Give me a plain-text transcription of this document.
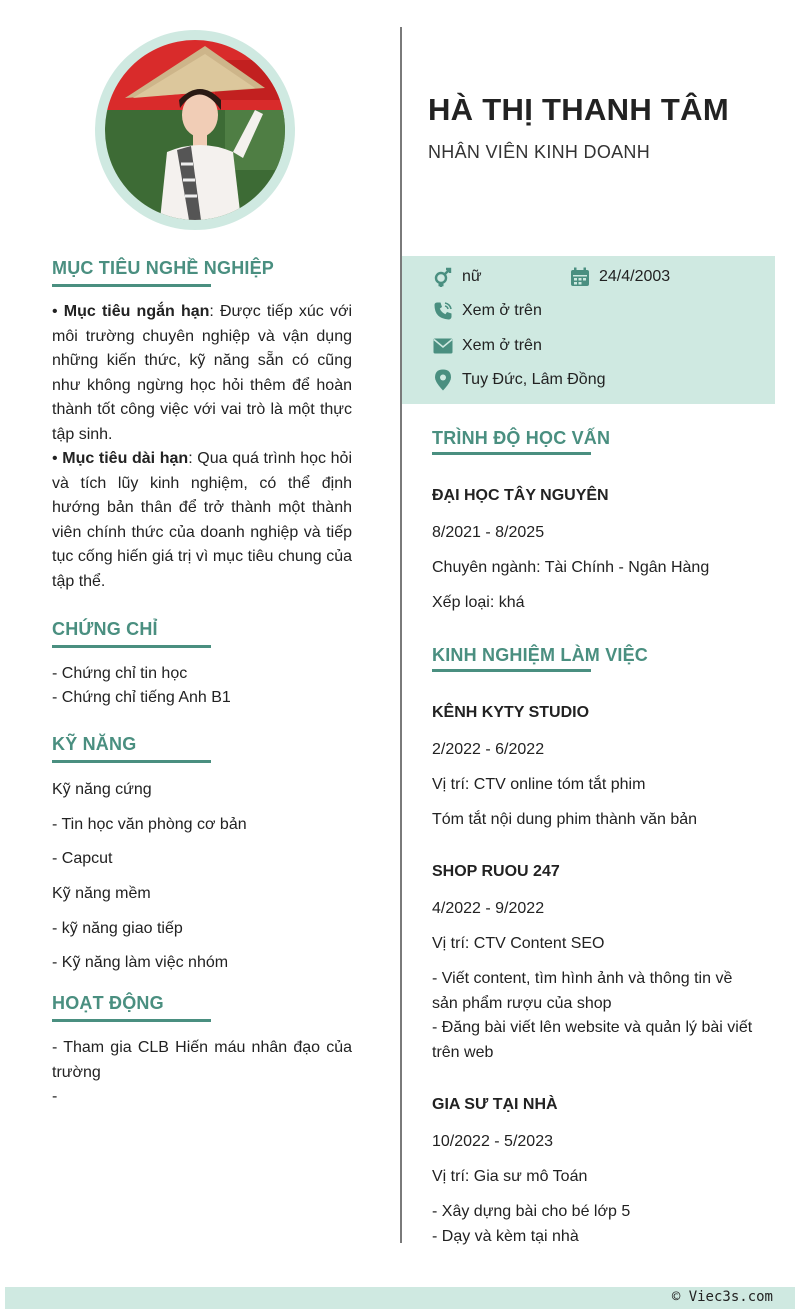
MỤC TIÊU NGHỀ NGHIỆP
• Mục tiêu ngắn hạn: Được tiếp xúc với môi trường chuyên nghiệp và vận dụng những kiến thức, kỹ năng sẵn có cũng như không ngừng học hỏi thêm để hoàn thành tốt công việc với vai trò là một thực tập sinh.
• Mục tiêu dài hạn: Qua quá trình học hỏi và tích lũy kinh nghiệm, có thể định hướng bản thân để trở thành một thành viên chính thức của doanh nghiệp và tiếp tục cống hiến giá trị vì mục tiêu chung của tập thể.
CHỨNG CHỈ
- Chứng chỉ tin học
- Chứng chỉ tiếng Anh B1
KỸ NĂNG
Kỹ năng cứng
- Tin học văn phòng cơ bản
- Capcut
Kỹ năng mềm
- kỹ năng giao tiếp
- Kỹ năng làm việc nhóm
HOẠT ĐỘNG
- Tham gia CLB Hiến máu nhân đạo của trường
-
HÀ THỊ THANH TÂM
NHÂN VIÊN KINH DOANH
nữ	24/4/2003
Xem ở trên
Xem ở trên
Tuy Đức, Lâm Đồng
TRÌNH ĐỘ HỌC VẤN
ĐẠI HỌC TÂY NGUYÊN
8/2021 - 8/2025
Chuyên ngành: Tài Chính - Ngân Hàng
Xếp loại: khá
KINH NGHIỆM LÀM VIỆC
KÊNH KYTY STUDIO
2/2022 - 6/2022
Vị trí: CTV online tóm tắt phim
Tóm tắt nội dung phim thành văn bản
SHOP RUOU 247
4/2022 - 9/2022
Vị trí: CTV Content SEO
- Viết content, tìm hình ảnh và thông tin về sản phẩm rượu của shop
- Đăng bài viết lên website và quản lý bài viết trên web
GIA SƯ TẠI NHÀ
10/2022 - 5/2023
Vị trí: Gia sư mô Toán
- Xây dựng bài cho bé lớp 5
- Dạy và kèm tại nhà
© Viec3s.com
